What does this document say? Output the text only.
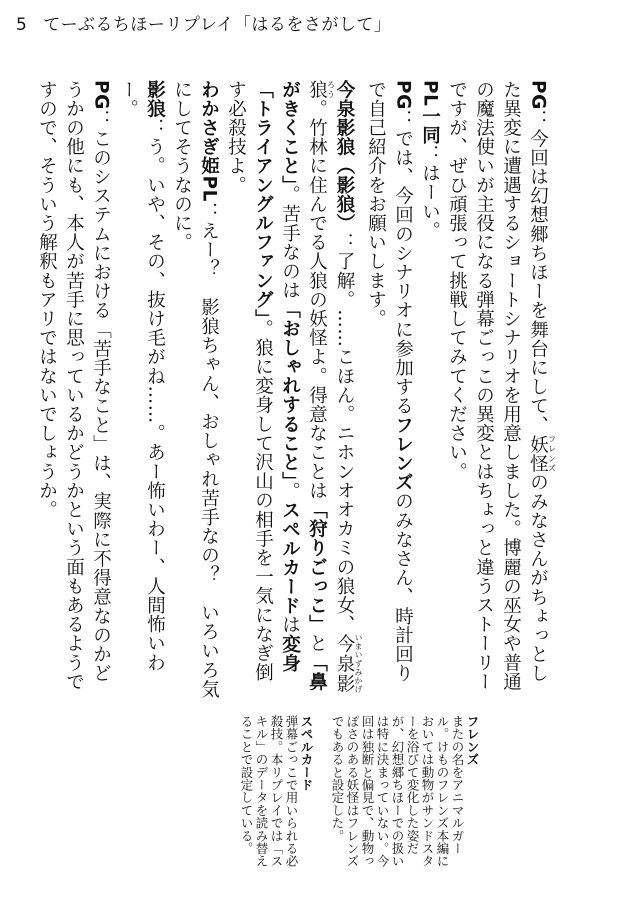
5 てーぶるちほーリプレイ「はるをさがして」

PG：今回は幻想郷ちほーを舞台にして、妖怪 フレンズのみなさんがちょっとした異変に遭遇するショートシナリオを用意しました。博麗の巫女や普通の魔法使いが主役になる弾幕ごっこの異変とはちょっと違うストーリーですが、ぜひ頑張って挑戦してみてください。

PL一同：はーい。

PG：では、今回のシナリオに参加するフレンズのみなさん、時計回りで自己紹介をお願いします。

今泉影狼（影狼）：了解。……こほん。ニホンオオカミの狼女、今泉影狼いまいずみかげろう。竹林に住んでる人狼の妖怪よ。得意なことは「狩りごっこ」と「鼻がきくこと」。苦手なのは「おしゃれすること」。スペルカードは変身「トライアングルファング」。狼に変身して沢山の相手を一気になぎ倒す必殺技よ。

わかさぎ姫PL：えー？　影狼ちゃん、おしゃれ苦手なの？　いろいろ気にしてそうなのに。

影狼：う。いや、その、抜け毛がね……。あー怖いわー、人間怖いわー。

PG：このシステムにおける「苦手なこと」は、実際に不得意なのかどうかの他にも、本人が苦手に思っているかどうかという面もあるようですので、そういう解釈もアリではないでしょうか。

フレンズ
またの名をアニマルガール。けものフレンズ本編においては動物がサンドスターを浴びて変化した姿だが、幻想郷ちほーでの扱いは特に決まっていない。今回は独断と偏見で、動物っぽさのある妖怪はフレンズでもあると設定した。

スペルカード
弾幕ごっこで用いられる必殺技。本リプレイでは「スキル」のデータを読み替えることで設定している。
